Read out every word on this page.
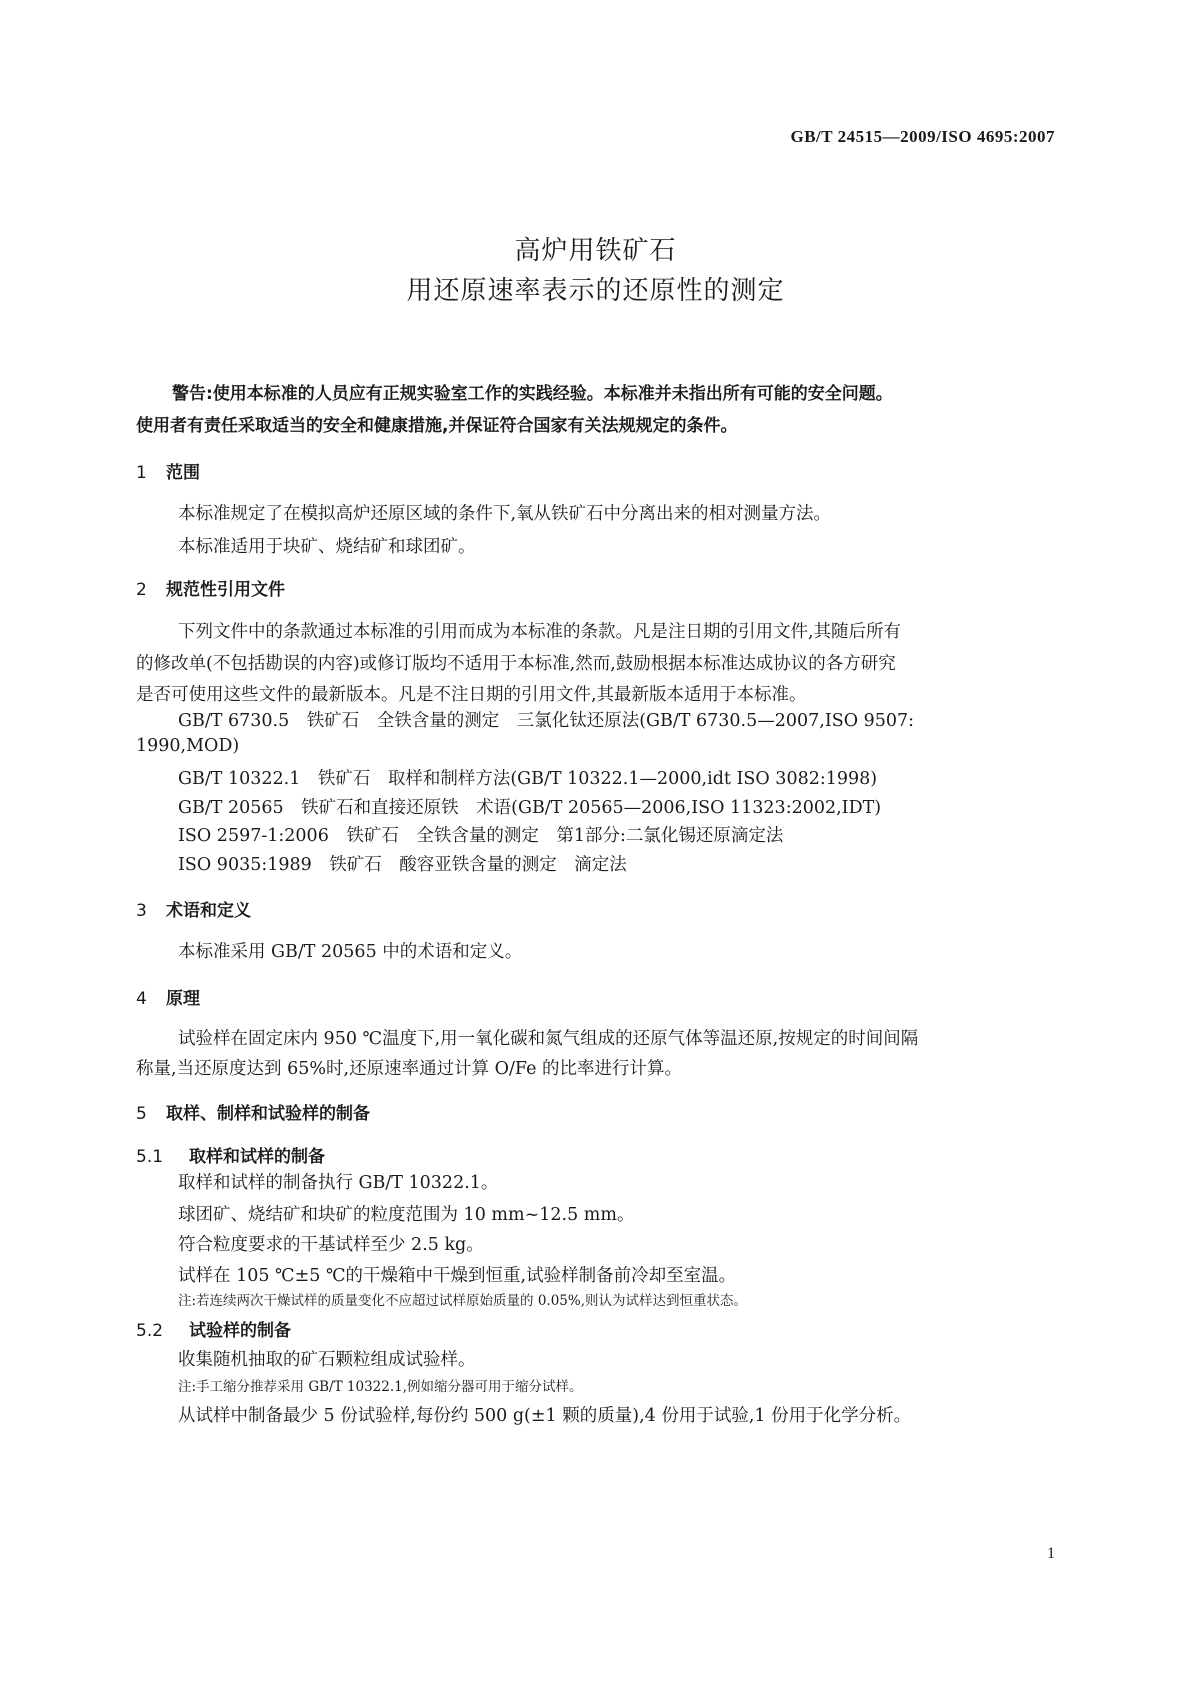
GB/T 24515—2009/ISO 4695:2007
高炉用铁矿石
用还原速率表示的还原性的测定
警告:使用本标准的人员应有正规实验室工作的实践经验。本标准并未指出所有可能的安全问题。
使用者有责任采取适当的安全和健康措施,并保证符合国家有关法规规定的条件。
1 范围
本标准规定了在模拟高炉还原区域的条件下,氧从铁矿石中分离出来的相对测量方法。
本标准适用于块矿、烧结矿和球团矿。
2 规范性引用文件
下列文件中的条款通过本标准的引用而成为本标准的条款。凡是注日期的引用文件,其随后所有
的修改单(不包括勘误的内容)或修订版均不适用于本标准,然而,鼓励根据本标准达成协议的各方研究
是否可使用这些文件的最新版本。凡是不注日期的引用文件,其最新版本适用于本标准。
GB/T 6730.5　铁矿石　全铁含量的测定　三氯化钛还原法(GB/T 6730.5—2007,ISO 9507:
1990,MOD)
GB/T 10322.1　铁矿石　取样和制样方法(GB/T 10322.1—2000,idt ISO 3082:1998)
GB/T 20565　铁矿石和直接还原铁　术语(GB/T 20565—2006,ISO 11323:2002,IDT)
ISO 2597-1:2006　铁矿石　全铁含量的测定　第1部分:二氯化锡还原滴定法
ISO 9035:1989　铁矿石　酸容亚铁含量的测定　滴定法
3 术语和定义
本标准采用 GB/T 20565 中的术语和定义。
4 原理
试验样在固定床内 950 ℃温度下,用一氧化碳和氮气组成的还原气体等温还原,按规定的时间间隔
称量,当还原度达到 65%时,还原速率通过计算 O/Fe 的比率进行计算。
5 取样、制样和试验样的制备
5.1 取样和试样的制备
取样和试样的制备执行 GB/T 10322.1。
球团矿、烧结矿和块矿的粒度范围为 10 mm~12.5 mm。
符合粒度要求的干基试样至少 2.5 kg。
试样在 105 ℃±5 ℃的干燥箱中干燥到恒重,试验样制备前冷却至室温。
注:若连续两次干燥试样的质量变化不应超过试样原始质量的 0.05%,则认为试样达到恒重状态。
5.2 试验样的制备
收集随机抽取的矿石颗粒组成试验样。
注:手工缩分推荐采用 GB/T 10322.1,例如缩分器可用于缩分试样。
从试样中制备最少 5 份试验样,每份约 500 g(±1 颗的质量),4 份用于试验,1 份用于化学分析。
1
